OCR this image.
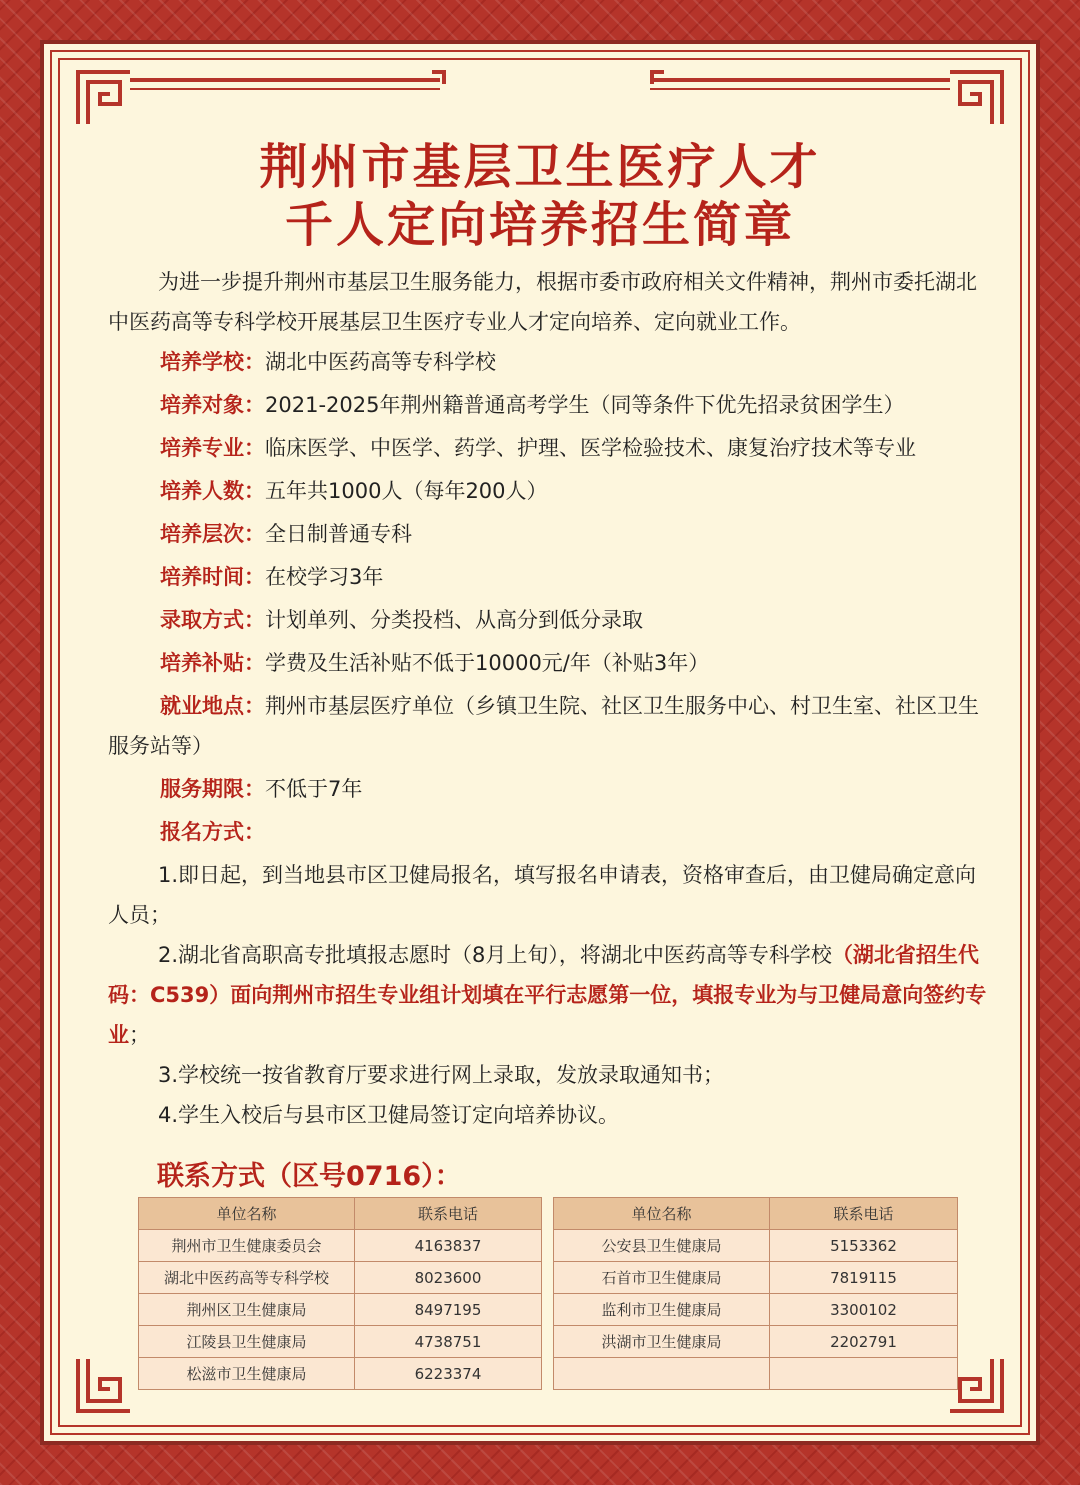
荆州市基层卫生医疗人才
千人定向培养招生简章

为进一步提升荆州市基层卫生服务能力，根据市委市政府相关文件精神，荆州市委托湖北中医药高等专科学校开展基层卫生医疗专业人才定向培养、定向就业工作。

培养学校：湖北中医药高等专科学校

培养对象：2021-2025年荆州籍普通高考学生（同等条件下优先招录贫困学生）

培养专业：临床医学、中医学、药学、护理、医学检验技术、康复治疗技术等专业

培养人数：五年共1000人（每年200人）

培养层次：全日制普通专科

培养时间：在校学习3年

录取方式：计划单列、分类投档、从高分到低分录取

培养补贴：学费及生活补贴不低于10000元/年（补贴3年）

就业地点：荆州市基层医疗单位（乡镇卫生院、社区卫生服务中心、村卫生室、社区卫生服务站等）

服务期限：不低于7年

报名方式：

1.即日起，到当地县市区卫健局报名，填写报名申请表，资格审查后，由卫健局确定意向人员；

2.湖北省高职高专批填报志愿时（8月上旬），将湖北中医药高等专科学校（湖北省招生代码：C539）面向荆州市招生专业组计划填在平行志愿第一位，填报专业为与卫健局意向签约专业；

3.学校统一按省教育厅要求进行网上录取，发放录取通知书；

4.学生入校后与县市区卫健局签订定向培养协议。

联系方式（区号0716）：
单位名称	联系电话
荆州市卫生健康委员会	4163837
湖北中医药高等专科学校	8023600
荆州区卫生健康局	8497195
江陵县卫生健康局	4738751
松滋市卫生健康局	6223374
单位名称	联系电话
公安县卫生健康局	5153362
石首市卫生健康局	7819115
监利市卫生健康局	3300102
洪湖市卫生健康局	2202791
